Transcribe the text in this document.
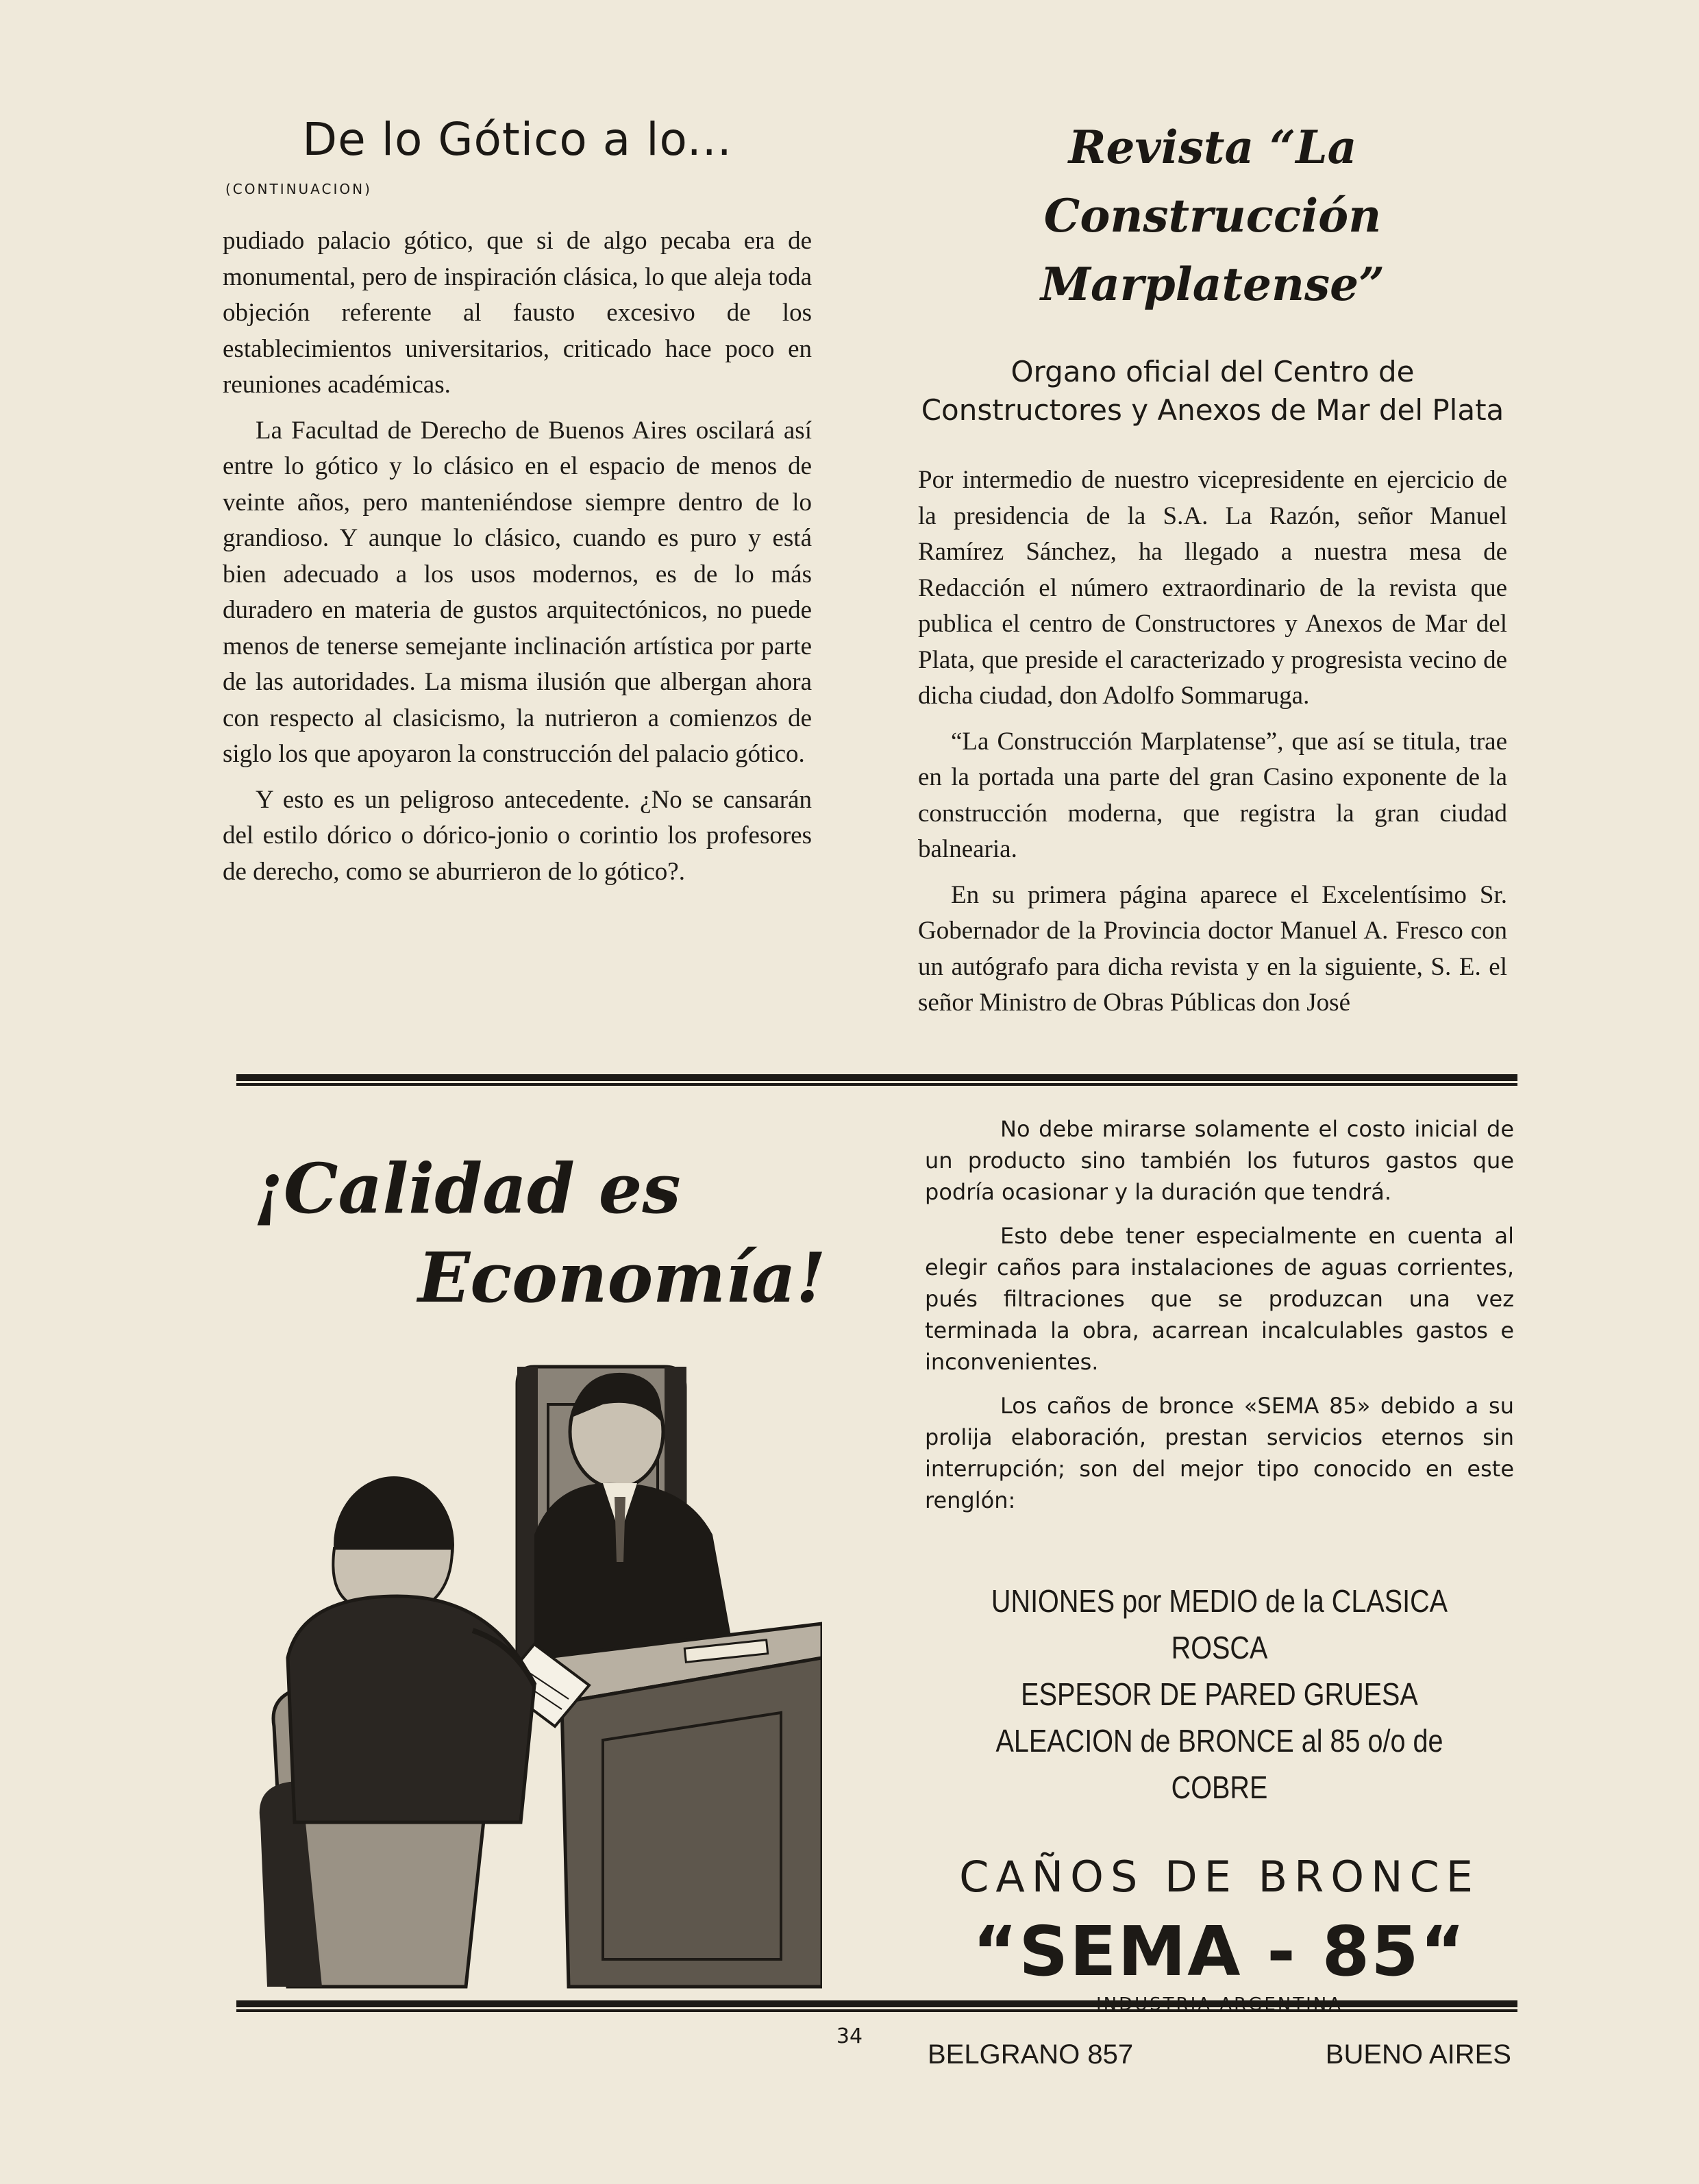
De lo Gótico a lo...
(CONTINUACION)

pudiado palacio gótico, que si de algo pecaba era de monumental, pero de inspiración clásica, lo que aleja toda objeción referente al fausto excesivo de los establecimientos universitarios, criticado hace poco en reuniones académicas.

La Facultad de Derecho de Buenos Aires oscilará así entre lo gótico y lo clásico en el espacio de menos de veinte años, pero manteniéndose siempre dentro de lo grandioso. Y aunque lo clásico, cuando es puro y está bien adecuado a los usos modernos, es de lo más duradero en materia de gustos arquitectónicos, no puede menos de tenerse semejante inclinación artística por parte de las autoridades. La misma ilusión que albergan ahora con respecto al clasicismo, la nutrieron a comienzos de siglo los que apoyaron la construcción del palacio gótico.

Y esto es un peligroso antecedente. ¿No se cansarán del estilo dórico o dórico-jonio o corintio los profesores de derecho, como se aburrieron de lo gótico?.

Revista “La Construcción
Marplatense”
Organo oficial del Centro de Constructores y Anexos de Mar del Plata

Por intermedio de nuestro vicepresidente en ejercicio de la presidencia de la S.A. La Razón, señor Manuel Ramírez Sánchez, ha llegado a nuestra mesa de Redacción el número extraordinario de la revista que publica el centro de Constructores y Anexos de Mar del Plata, que preside el caracterizado y progresista vecino de dicha ciudad, don Adolfo Sommaruga.

“La Construcción Marplatense”, que así se titula, trae en la portada una parte del gran Casino exponente de la construcción moderna, que registra la gran ciudad balnearia.

En su primera página aparece el Excelentísimo Sr. Gobernador de la Provincia doctor Manuel A. Fresco con un autógrafo para dicha revista y en la siguiente, S. E. el señor Ministro de Obras Públicas don José

¡Calidad es
Economía!

No debe mirarse solamente el costo inicial de un producto sino también los futuros gastos que podría ocasionar y la duración que tendrá.

Esto debe tener especialmente en cuenta al elegir caños para instalaciones de aguas corrientes, pués filtraciones que se produzcan una vez terminada la obra, acarrean incalculables gastos e inconvenientes.

Los caños de bronce «SEMA 85» debido a su prolija elaboración, prestan servicios eternos sin interrupción; son del mejor tipo conocido en este renglón:

UNIONES por MEDIO de la CLASICA ROSCA
ESPESOR DE PARED GRUESA
ALEACION de BRONCE al 85 o/o de COBRE
CAÑOS DE BRONCE
“SEMA - 85“
BELGRANO 857	BUENO AIRES
34
